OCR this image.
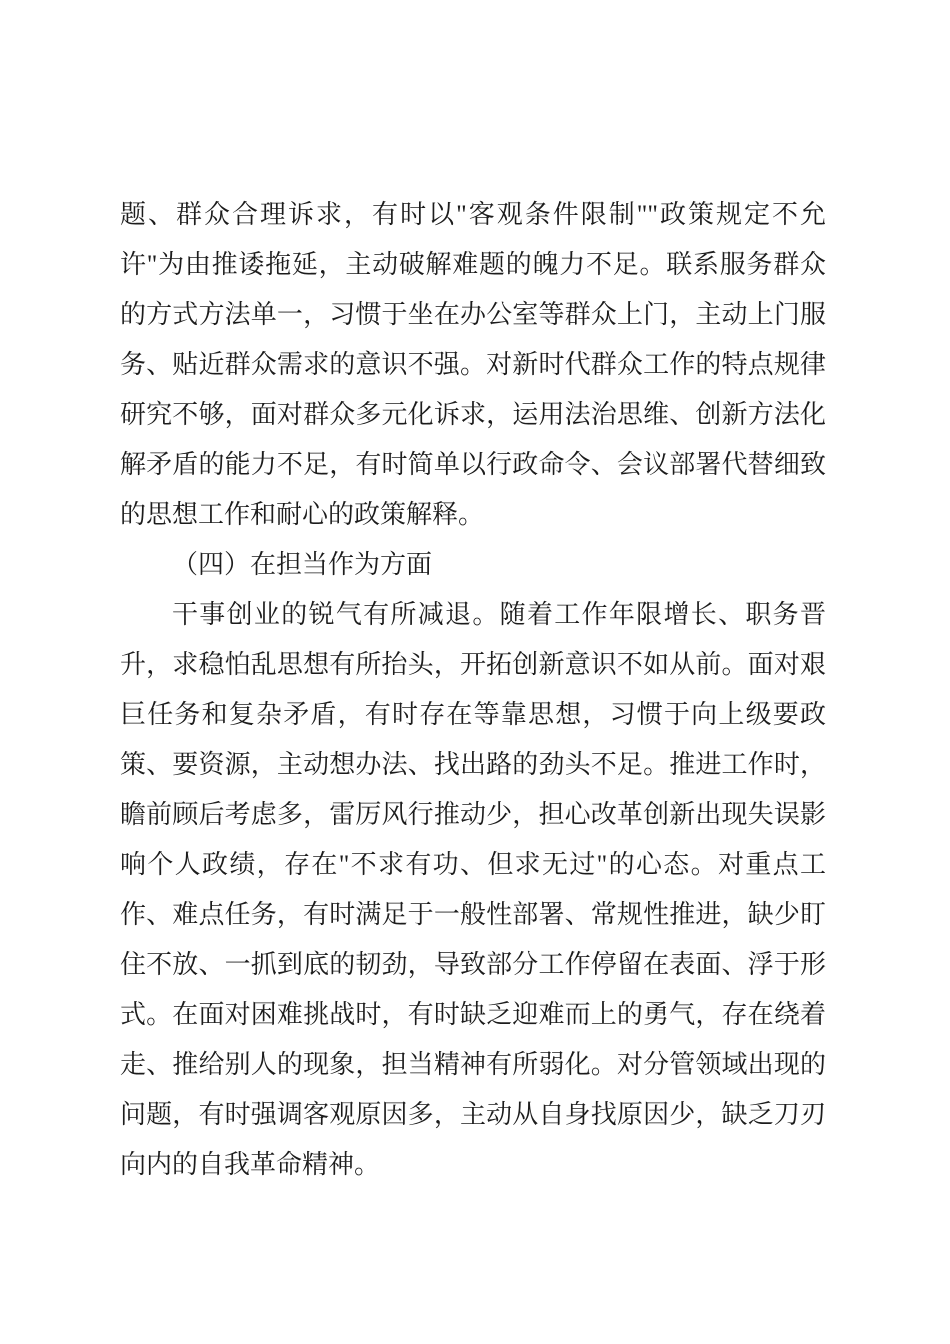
题、群众合理诉求，有时以"客观条件限制""政策规定不允
许"为由推诿拖延，主动破解难题的魄力不足。联系服务群众
的方式方法单一，习惯于坐在办公室等群众上门，主动上门服
务、贴近群众需求的意识不强。对新时代群众工作的特点规律
研究不够，面对群众多元化诉求，运用法治思维、创新方法化
解矛盾的能力不足，有时简单以行政命令、会议部署代替细致
的思想工作和耐心的政策解释。
（四）在担当作为方面
干事创业的锐气有所减退。随着工作年限增长、职务晋
升，求稳怕乱思想有所抬头，开拓创新意识不如从前。面对艰
巨任务和复杂矛盾，有时存在等靠思想，习惯于向上级要政
策、要资源，主动想办法、找出路的劲头不足。推进工作时，
瞻前顾后考虑多，雷厉风行推动少，担心改革创新出现失误影
响个人政绩，存在"不求有功、但求无过"的心态。对重点工
作、难点任务，有时满足于一般性部署、常规性推进，缺少盯
住不放、一抓到底的韧劲，导致部分工作停留在表面、浮于形
式。在面对困难挑战时，有时缺乏迎难而上的勇气，存在绕着
走、推给别人的现象，担当精神有所弱化。对分管领域出现的
问题，有时强调客观原因多，主动从自身找原因少，缺乏刀刃
向内的自我革命精神。
